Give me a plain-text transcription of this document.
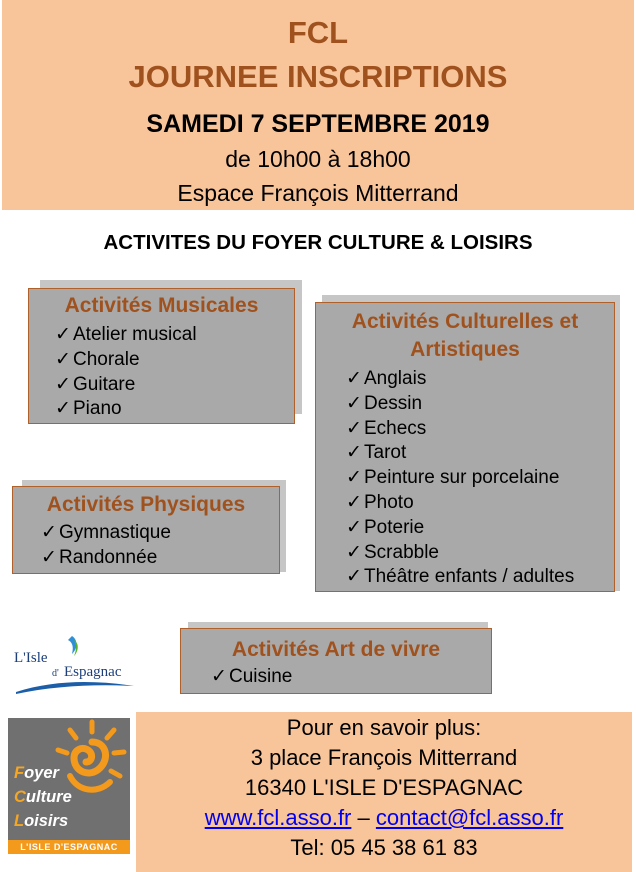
FCL
JOURNEE INSCRIPTIONS
SAMEDI 7 SEPTEMBRE 2019
de 10h00 à 18h00
Espace François Mitterrand
ACTIVITES DU FOYER CULTURE & LOISIRS
Activités Musicales
✓ Atelier musical
✓ Chorale
✓ Guitare
✓ Piano
Activités Culturelles et
Artistiques
✓ Anglais
✓ Dessin
✓ Echecs
✓ Tarot
✓ Peinture sur porcelaine
✓ Photo
✓ Poterie
✓ Scrabble
✓ Théâtre enfants / adultes
Activités Physiques
✓ Gymnastique
✓ Randonnée
Activités Art de vivre
✓ Cuisine
L'Isle
d' Espagnac
Foyer
Culture
Loisirs
L'ISLE D'ESPAGNAC
Pour en savoir plus:
3 place François Mitterrand
16340 L'ISLE D'ESPAGNAC
www.fcl.asso.fr – contact@fcl.asso.fr
Tel: 05 45 38 61 83
